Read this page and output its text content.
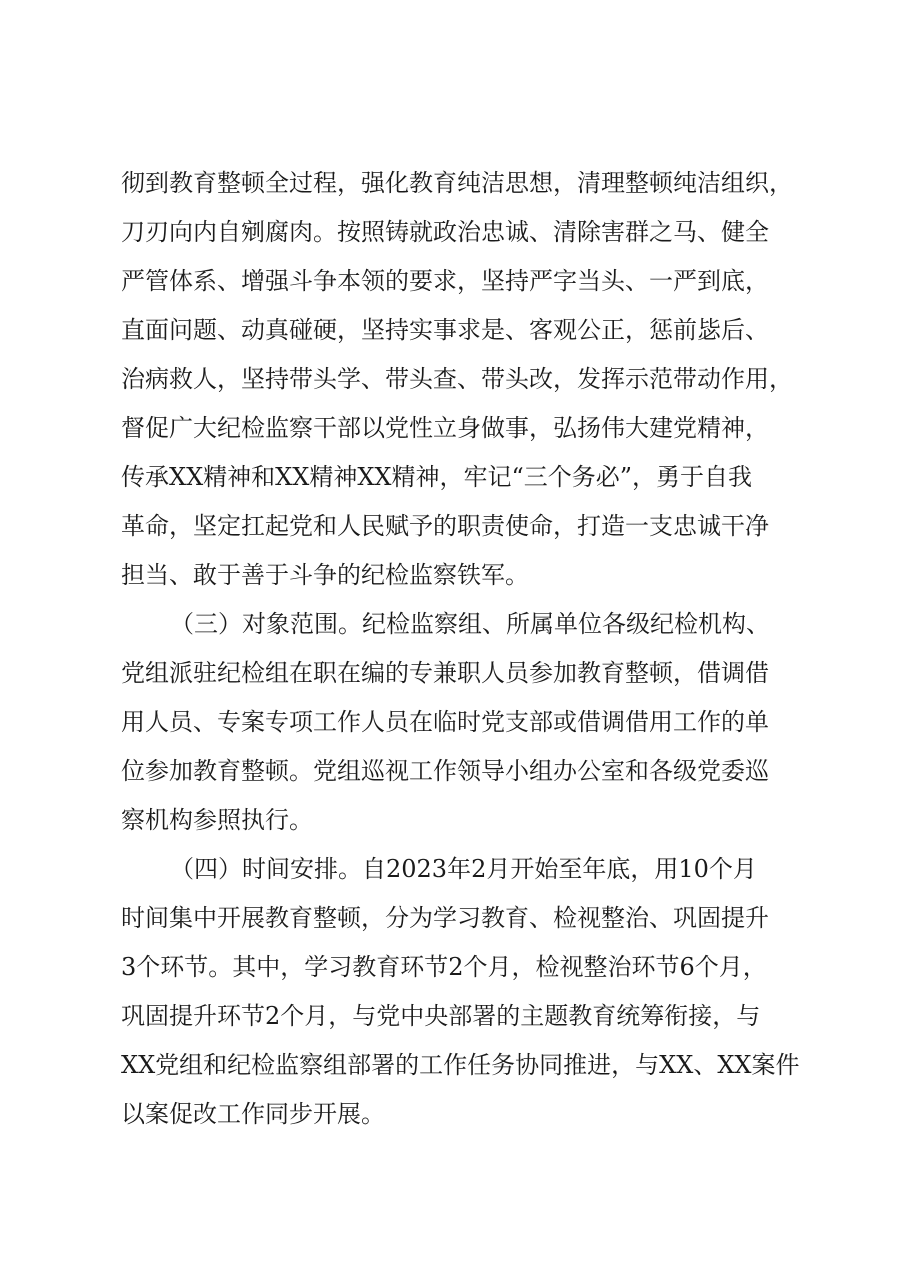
彻到教育整顿全过程，强化教育纯洁思想，清理整顿纯洁组织，
刀刃向内自剜腐肉。按照铸就政治忠诚、清除害群之马、健全
严管体系、增强斗争本领的要求，坚持严字当头、一严到底，
直面问题、动真碰硬，坚持实事求是、客观公正，惩前毖后、
治病救人，坚持带头学、带头查、带头改，发挥示范带动作用，
督促广大纪检监察干部以党性立身做事，弘扬伟大建党精神，
传承XX精神和XX精神XX精神，牢记“三个务必”，勇于自我
革命，坚定扛起党和人民赋予的职责使命，打造一支忠诚干净
担当、敢于善于斗争的纪检监察铁军。
（三）对象范围。纪检监察组、所属单位各级纪检机构、
党组派驻纪检组在职在编的专兼职人员参加教育整顿，借调借
用人员、专案专项工作人员在临时党支部或借调借用工作的单
位参加教育整顿。党组巡视工作领导小组办公室和各级党委巡
察机构参照执行。
（四）时间安排。自2023年2月开始至年底，用10个月
时间集中开展教育整顿，分为学习教育、检视整治、巩固提升
3个环节。其中，学习教育环节2个月，检视整治环节6个月，
巩固提升环节2个月，与党中央部署的主题教育统筹衔接，与
XX党组和纪检监察组部署的工作任务协同推进，与XX、XX案件
以案促改工作同步开展。
